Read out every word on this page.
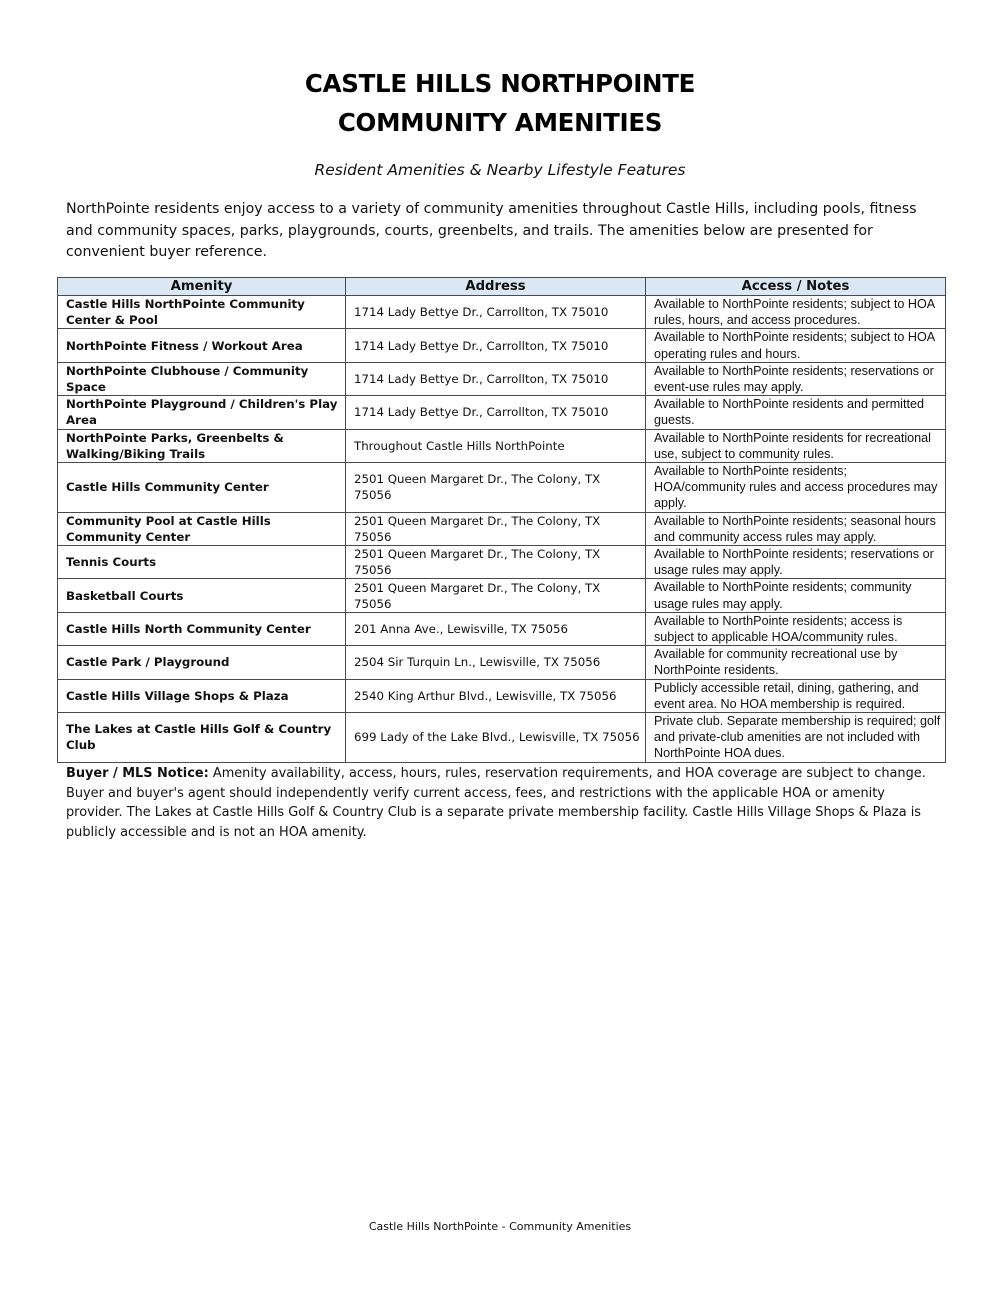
CASTLE HILLS NORTHPOINTE
COMMUNITY AMENITIES
Resident Amenities & Nearby Lifestyle Features
NorthPointe residents enjoy access to a variety of community amenities throughout Castle Hills, including pools, fitness and community spaces, parks, playgrounds, courts, greenbelts, and trails. The amenities below are presented for convenient buyer reference.
Amenity	Address	Access / Notes
Castle Hills NorthPointe Community Center & Pool	1714 Lady Bettye Dr., Carrollton, TX 75010	Available to NorthPointe residents; subject to HOA rules, hours, and access procedures.
NorthPointe Fitness / Workout Area	1714 Lady Bettye Dr., Carrollton, TX 75010	Available to NorthPointe residents; subject to HOA operating rules and hours.
NorthPointe Clubhouse / Community Space	1714 Lady Bettye Dr., Carrollton, TX 75010	Available to NorthPointe residents; reservations or event-use rules may apply.
NorthPointe Playground / Children's Play Area	1714 Lady Bettye Dr., Carrollton, TX 75010	Available to NorthPointe residents and permitted guests.
NorthPointe Parks, Greenbelts & Walking/Biking Trails	Throughout Castle Hills NorthPointe	Available to NorthPointe residents for recreational use, subject to community rules.
Castle Hills Community Center	2501 Queen Margaret Dr., The Colony, TX 75056	Available to NorthPointe residents; HOA/community rules and access procedures may apply.
Community Pool at Castle Hills Community Center	2501 Queen Margaret Dr., The Colony, TX 75056	Available to NorthPointe residents; seasonal hours and community access rules may apply.
Tennis Courts	2501 Queen Margaret Dr., The Colony, TX 75056	Available to NorthPointe residents; reservations or usage rules may apply.
Basketball Courts	2501 Queen Margaret Dr., The Colony, TX 75056	Available to NorthPointe residents; community usage rules may apply.
Castle Hills North Community Center	201 Anna Ave., Lewisville, TX 75056	Available to NorthPointe residents; access is subject to applicable HOA/community rules.
Castle Park / Playground	2504 Sir Turquin Ln., Lewisville, TX 75056	Available for community recreational use by NorthPointe residents.
Castle Hills Village Shops & Plaza	2540 King Arthur Blvd., Lewisville, TX 75056	Publicly accessible retail, dining, gathering, and event area. No HOA membership is required.
The Lakes at Castle Hills Golf & Country Club	699 Lady of the Lake Blvd., Lewisville, TX 75056	Private club. Separate membership is required; golf and private-club amenities are not included with NorthPointe HOA dues.
Buyer / MLS Notice: Amenity availability, access, hours, rules, reservation requirements, and HOA coverage are subject to change. Buyer and buyer's agent should independently verify current access, fees, and restrictions with the applicable HOA or amenity provider. The Lakes at Castle Hills Golf & Country Club is a separate private membership facility. Castle Hills Village Shops & Plaza is publicly accessible and is not an HOA amenity.
Castle Hills NorthPointe - Community Amenities
